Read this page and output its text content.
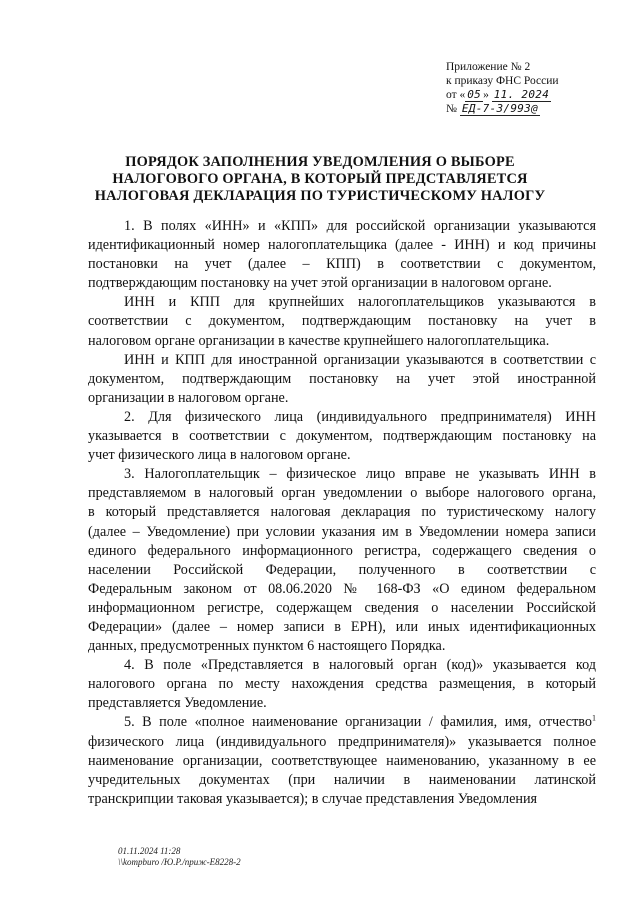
Приложение № 2
к приказу ФНС России
от « 05 » 11. 2024
№ ЕД-7-3/993@
ПОРЯДОК ЗАПОЛНЕНИЯ УВЕДОМЛЕНИЯ О ВЫБОРЕ
НАЛОГОВОГО ОРГАНА, В КОТОРЫЙ ПРЕДСТАВЛЯЕТСЯ
НАЛОГОВАЯ ДЕКЛАРАЦИЯ ПО ТУРИСТИЧЕСКОМУ НАЛОГУ

1. В полях «ИНН» и «КПП» для российской организации указываются
идентификационный номер налогоплательщика (далее - ИНН) и код причины
постановки на учет (далее – КПП) в соответствии с документом,
подтверждающим постановку на учет этой организации в налоговом органе.

ИНН и КПП для крупнейших налогоплательщиков указываются в
соответствии с документом, подтверждающим постановку на учет в
налоговом органе организации в качестве крупнейшего налогоплательщика.

ИНН и КПП для иностранной организации указываются в соответствии с
документом, подтверждающим постановку на учет этой иностранной
организации в налоговом органе.

2. Для физического лица (индивидуального предпринимателя) ИНН
указывается в соответствии с документом, подтверждающим постановку на
учет физического лица в налоговом органе.

3. Налогоплательщик – физическое лицо вправе не указывать ИНН в
представляемом в налоговый орган уведомлении о выборе налогового органа,
в который представляется налоговая декларация по туристическому налогу
(далее – Уведомление) при условии указания им в Уведомлении номера записи
единого федерального информационного регистра, содержащего сведения о
населении Российской Федерации, полученного в соответствии с
Федеральным законом от 08.06.2020 № 168-ФЗ «О едином федеральном
информационном регистре, содержащем сведения о населении Российской
Федерации» (далее – номер записи в ЕРН), или иных идентификационных
данных, предусмотренных пунктом 6 настоящего Порядка.

4. В поле «Представляется в налоговый орган (код)» указывается код
налогового органа по месту нахождения средства размещения, в который
представляется Уведомление.

5. В поле «полное наименование организации / фамилия, имя, отчество$^1$
физического лица (индивидуального предпринимателя)» указывается полное
наименование организации, соответствующее наименованию, указанному в ее
учредительных документах (при наличии в наименовании латинской
транскрипции таковая указывается); в случае представления Уведомления

01.11.2024 11:28
\\kompburo /Ю.Р./приж-E8228-2
